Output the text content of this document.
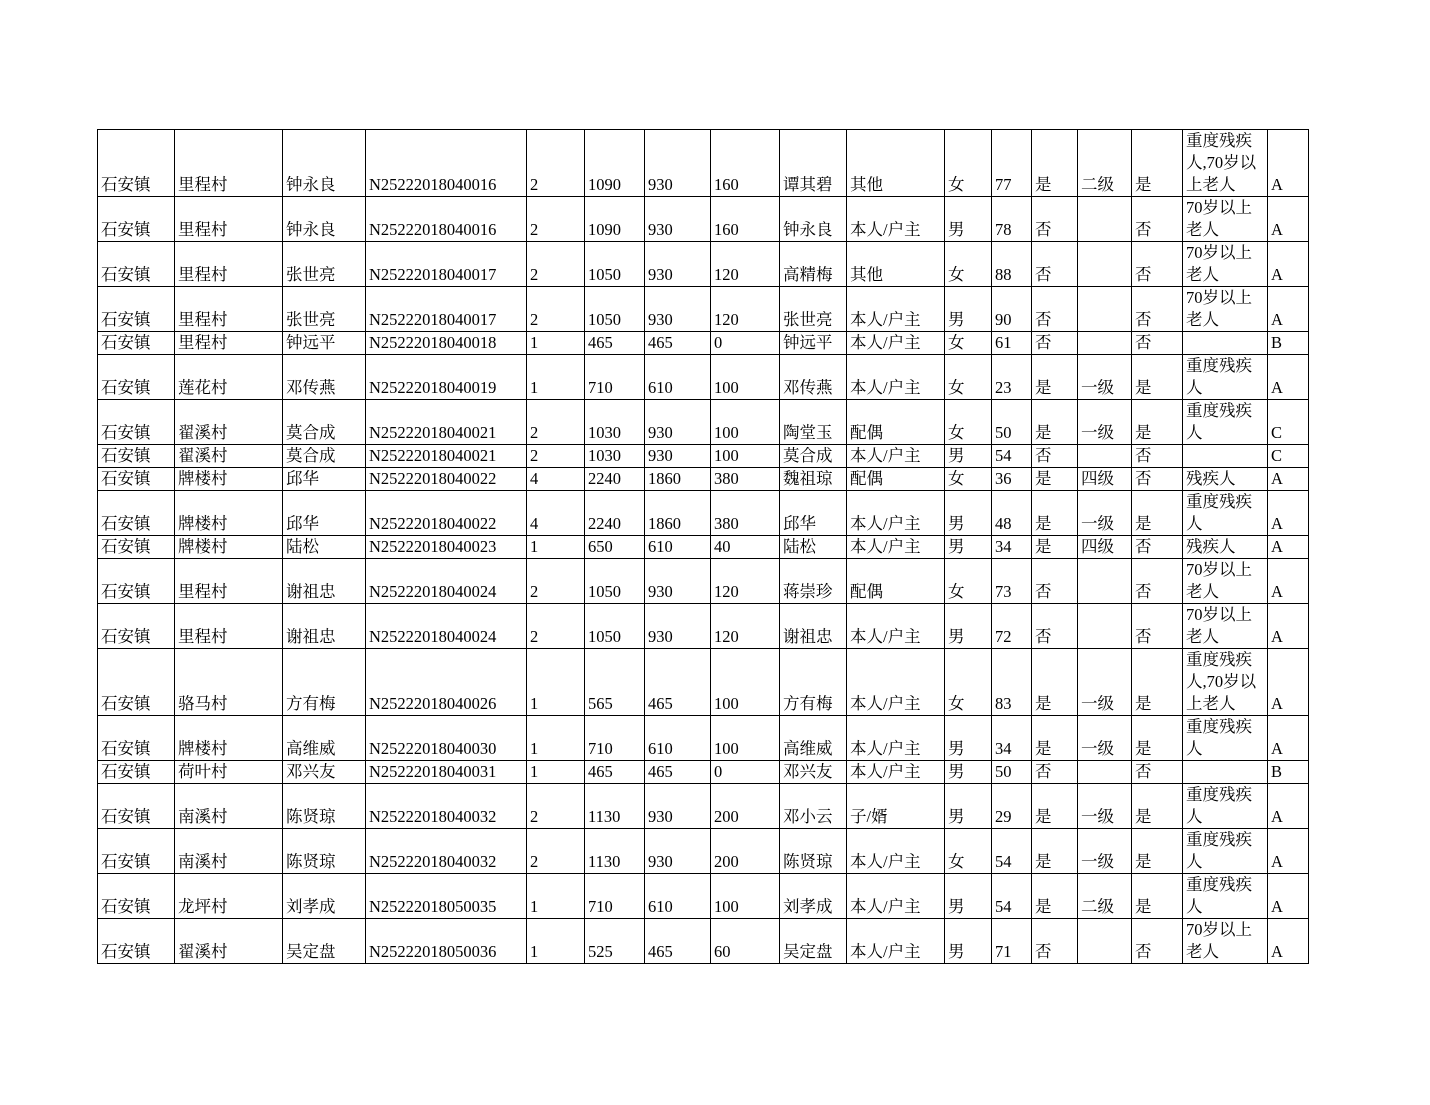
石安镇	里程村	钟永良	N25222018040016	2	1090	930	160	谭其碧	其他	女	77	是	二级	是	重度残疾人,70岁以上老人	A
石安镇	里程村	钟永良	N25222018040016	2	1090	930	160	钟永良	本人/户主	男	78	否		否	70岁以上老人	A
石安镇	里程村	张世亮	N25222018040017	2	1050	930	120	高精梅	其他	女	88	否		否	70岁以上老人	A
石安镇	里程村	张世亮	N25222018040017	2	1050	930	120	张世亮	本人/户主	男	90	否		否	70岁以上老人	A
石安镇	里程村	钟远平	N25222018040018	1	465	465	0	钟远平	本人/户主	女	61	否		否		B
石安镇	莲花村	邓传燕	N25222018040019	1	710	610	100	邓传燕	本人/户主	女	23	是	一级	是	重度残疾人	A
石安镇	翟溪村	莫合成	N25222018040021	2	1030	930	100	陶堂玉	配偶	女	50	是	一级	是	重度残疾人	C
石安镇	翟溪村	莫合成	N25222018040021	2	1030	930	100	莫合成	本人/户主	男	54	否		否		C
石安镇	牌楼村	邱华	N25222018040022	4	2240	1860	380	魏祖琼	配偶	女	36	是	四级	否	残疾人	A
石安镇	牌楼村	邱华	N25222018040022	4	2240	1860	380	邱华	本人/户主	男	48	是	一级	是	重度残疾人	A
石安镇	牌楼村	陆松	N25222018040023	1	650	610	40	陆松	本人/户主	男	34	是	四级	否	残疾人	A
石安镇	里程村	谢祖忠	N25222018040024	2	1050	930	120	蒋崇珍	配偶	女	73	否		否	70岁以上老人	A
石安镇	里程村	谢祖忠	N25222018040024	2	1050	930	120	谢祖忠	本人/户主	男	72	否		否	70岁以上老人	A
石安镇	骆马村	方有梅	N25222018040026	1	565	465	100	方有梅	本人/户主	女	83	是	一级	是	重度残疾人,70岁以上老人	A
石安镇	牌楼村	高维威	N25222018040030	1	710	610	100	高维威	本人/户主	男	34	是	一级	是	重度残疾人	A
石安镇	荷叶村	邓兴友	N25222018040031	1	465	465	0	邓兴友	本人/户主	男	50	否		否		B
石安镇	南溪村	陈贤琼	N25222018040032	2	1130	930	200	邓小云	子/婿	男	29	是	一级	是	重度残疾人	A
石安镇	南溪村	陈贤琼	N25222018040032	2	1130	930	200	陈贤琼	本人/户主	女	54	是	一级	是	重度残疾人	A
石安镇	龙坪村	刘孝成	N25222018050035	1	710	610	100	刘孝成	本人/户主	男	54	是	二级	是	重度残疾人	A
石安镇	翟溪村	吴定盘	N25222018050036	1	525	465	60	吴定盘	本人/户主	男	71	否		否	70岁以上老人	A
